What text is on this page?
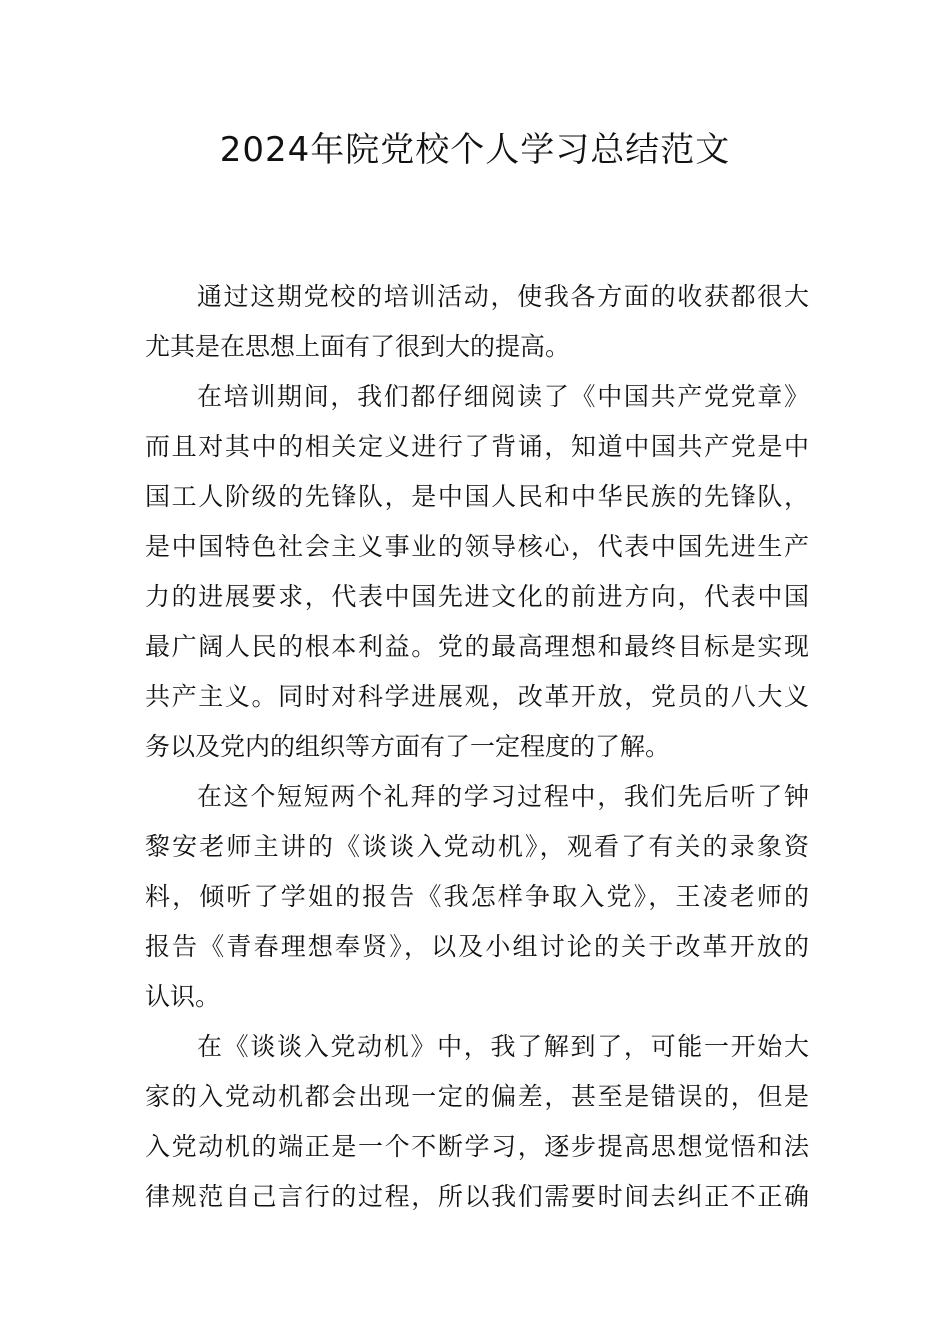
2024年院党校个人学习总结范文
通过这期党校的培训活动，使我各方面的收获都很大
尤其是在思想上面有了很到大的提高。
在培训期间，我们都仔细阅读了《中国共产党党章》
而且对其中的相关定义进行了背诵，知道中国共产党是中
国工人阶级的先锋队，是中国人民和中华民族的先锋队，
是中国特色社会主义事业的领导核心，代表中国先进生产
力的进展要求，代表中国先进文化的前进方向，代表中国
最广阔人民的根本利益。党的最高理想和最终目标是实现
共产主义。同时对科学进展观，改革开放，党员的八大义
务以及党内的组织等方面有了一定程度的了解。
在这个短短两个礼拜的学习过程中，我们先后听了钟
黎安老师主讲的《谈谈入党动机》，观看了有关的录象资
料，倾听了学姐的报告《我怎样争取入党》，王凌老师的
报告《青春理想奉贤》，以及小组讨论的关于改革开放的
认识。
在《谈谈入党动机》中，我了解到了，可能一开始大
家的入党动机都会出现一定的偏差，甚至是错误的，但是
入党动机的端正是一个不断学习，逐步提高思想觉悟和法
律规范自己言行的过程，所以我们需要时间去纠正不正确
